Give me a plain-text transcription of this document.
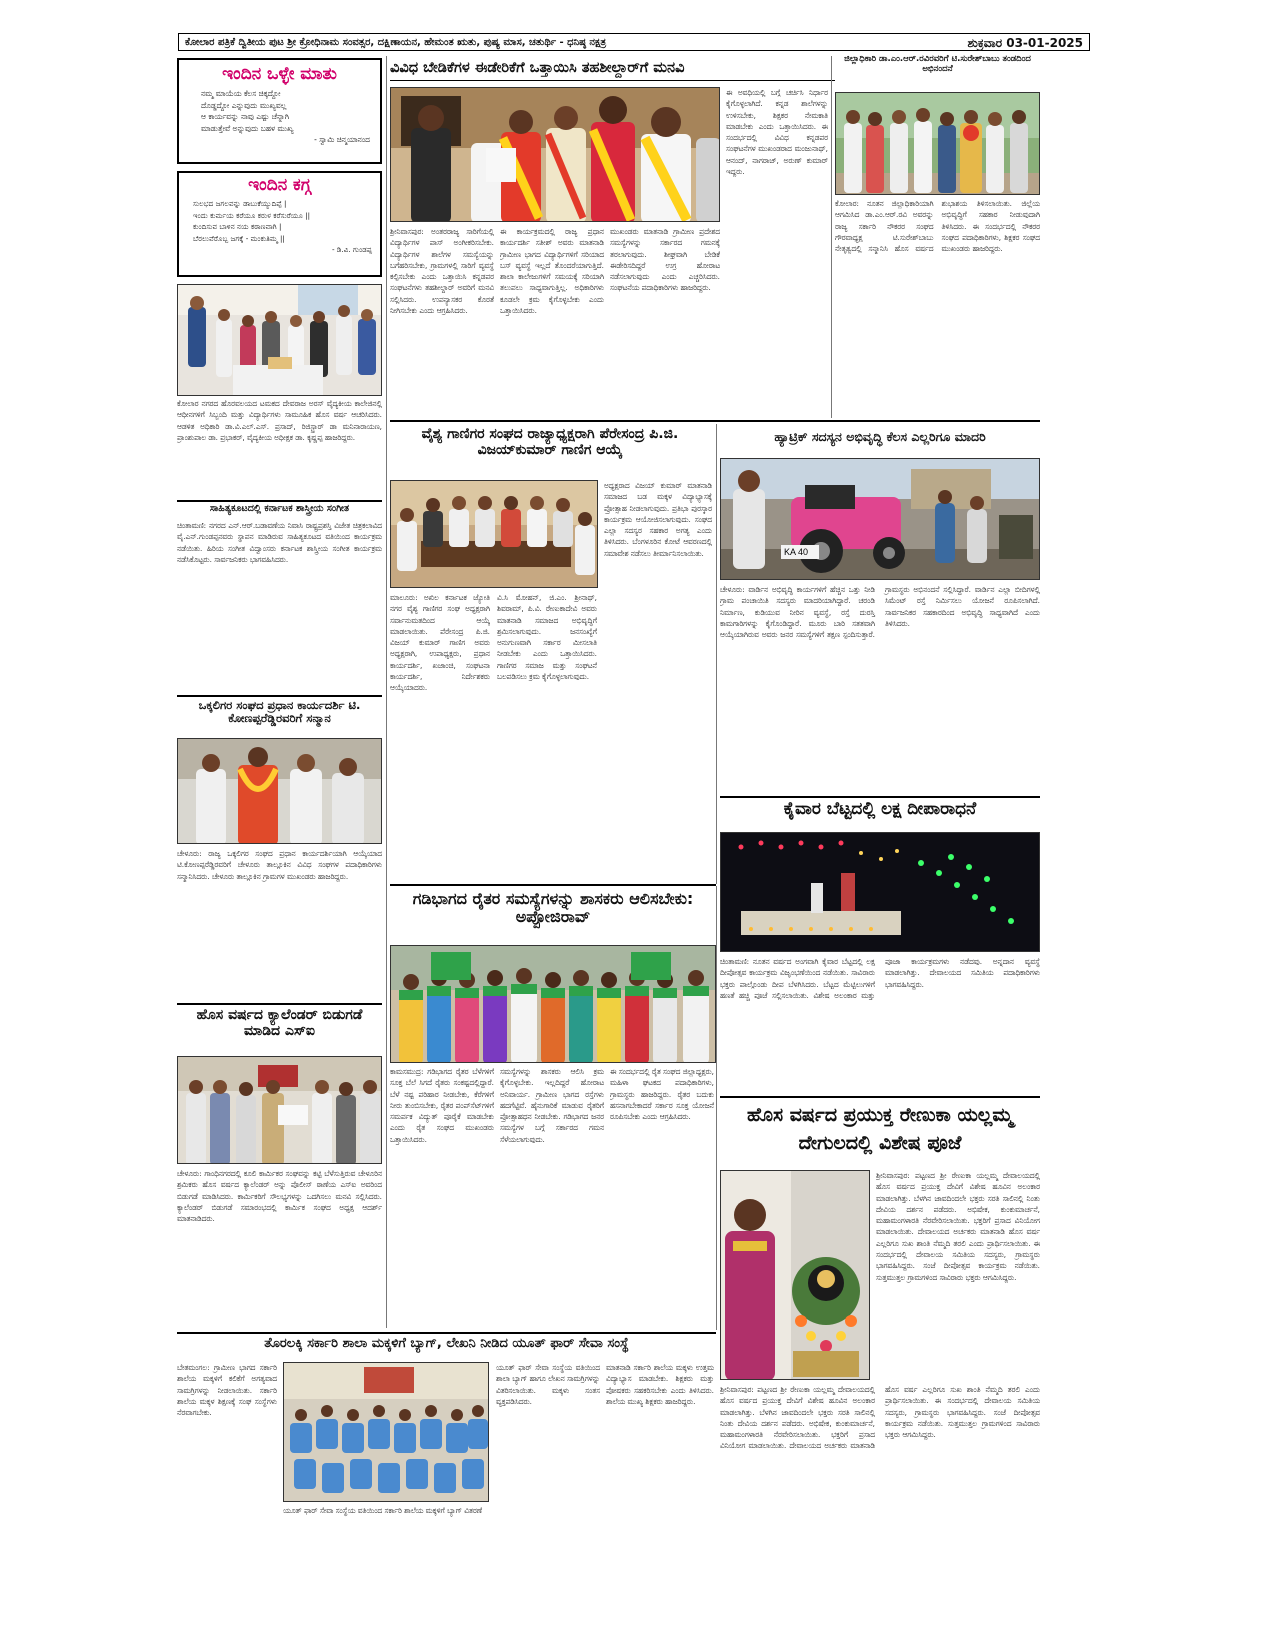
ಕೋಲಾರ ಪತ್ರಿಕೆ ದ್ವಿತೀಯ ಪುಟ ಶ್ರೀ ಕ್ರೋಧಿನಾಮ ಸಂವತ್ಸರ, ದಕ್ಷಿಣಾಯನ, ಹೇಮಂತ ಋತು, ಪುಷ್ಯ ಮಾಸ, ಚತುರ್ಥಿ - ಧನಿಷ್ಠ ನಕ್ಷತ್ರ	ಶುಕ್ರವಾರ 03-01-2025
ಇಂದಿನ ಒಳ್ಳೇ ಮಾತು
ನಮ್ಮ ಮಾಯೆಯ ಕೆಲಸ ಚಿಕ್ಕದ್ದೋ
ದೊಡ್ಡದ್ದೋ ಎನ್ನುವುದು ಮುಖ್ಯವಲ್ಲ
ಆ ಕಾರ್ಯವನ್ನು ನಾವು ಎಷ್ಟು ಚೆನ್ನಾಗಿ
ಮಾಡುತ್ತೇವೆ ಅನ್ನುವುದು ಬಹಳ ಮುಖ್ಯ
- ಸ್ವಾಮಿ ಚಿನ್ಮಯಾನಂದ
ಇಂದಿನ ಕಗ್ಗ
ಸುಲಭದ ಜಗಲವನ್ನು ಡಾಬುಕೆಯ್ಯುದಿಪ್ಪೆ |
ಇಂದು ಕುರ್ಮಯ ಕರೆಯೂ ಕರುಳ ಕರೆಸುರೆಯೂ ||
ಕುಂದಿಸುವ ಬಾಳಿನ ನಯ ಕಠಾಣವಾಗಿ |
ಬೆರಲುವೆರೊಬ್ಬ ಜಗಕ್ಕೆ - ಮಂಕುತಿಮ್ಮ ||
- ಡಿ.ವಿ. ಗುಂಡಪ್ಪ
ಕೋಲಾರ ನಗರದ ಹೊರವಲಯದ ಟಮಕದ ದೇವರಾಜ ಅರಸ್ ವೈದ್ಯಕೀಯ ಕಾಲೇಜಿನಲ್ಲಿ ಆಧೀನಗಳಿಗೆ ಸಿಬ್ಬಂದಿ ಮತ್ತು ವಿದ್ಯಾರ್ಥಿಗಳು ಸಾಮೂಹಿಕ ಹೊಸ ವರ್ಷ ಆಚರಿಸಿದರು. ಆಡಳಿತ ಅಧಿಕಾರಿ ಡಾ.ವಿ.ಎಲ್.ಎಸ್. ಪ್ರಸಾದ್, ರಿಜಿಸ್ಟ್ರಾರ್ ಡಾ ಮನಿನಾರಾಯಣ, ಪ್ರಾಂಶುಪಾಲ ಡಾ. ಪ್ರಭಾಕರ್, ವೈದ್ಯಕೀಯ ಅಧೀಕ್ಷಕ ಡಾ. ಕೃಷ್ಣಪ್ಪ ಹಾಜರಿದ್ದರು.
ಸಾಹಿತ್ಯಕೂಟದಲ್ಲಿ ಕರ್ನಾಟಕ ಶಾಸ್ತ್ರೀಯ ಸಂಗೀತ
ಚಿಂತಾಮಣಿ: ನಗರದ ಎನ್.ಆರ್.ಬಡಾವಣೆಯ ನಿವಾಸಿ ರಾಷ್ಟ್ರಪ್ರಶಸ್ತಿ ವಿಜೇತ ಚಿತ್ರಕಲಾವಿದ ವೈ.ಎನ್.ಗುಂಡಪ್ಪನವರು ಸ್ಥಾಪನ ಮಾಡಿರುವ ಸಾಹಿತ್ಯಕೂಟದ ವತಿಯಿಂದ ಕಾರ್ಯಕ್ರಮ ನಡೆಯಿತು. ಹಿರಿಯ ಸಂಗೀತ ವಿದ್ವಾಂಸರು ಕರ್ನಾಟಕ ಶಾಸ್ತ್ರೀಯ ಸಂಗೀತ ಕಾರ್ಯಕ್ರಮ ನಡೆಸಿಕೊಟ್ಟರು. ಸಾರ್ವಜನಿಕರು ಭಾಗವಹಿಸಿದರು.
ಒಕ್ಕಲಿಗರ ಸಂಘದ ಪ್ರಧಾನ ಕಾರ್ಯದರ್ಶಿ ಟಿ. ಕೋಣಪ್ಪರೆಡ್ಡಿರವರಿಗೆ ಸನ್ಮಾನ
ಚೇಳೂರು: ರಾಜ್ಯ ಒಕ್ಕಲಿಗರ ಸಂಘದ ಪ್ರಧಾನ ಕಾರ್ಯದರ್ಶಿಯಾಗಿ ಆಯ್ಕೆಯಾದ ಟಿ.ಕೋಣಪ್ಪರೆಡ್ಡಿರವರಿಗೆ ಚೇಳೂರು ತಾಲ್ಲೂಕಿನ ವಿವಿಧ ಸಂಘಗಳ ಪದಾಧಿಕಾರಿಗಳು ಸನ್ಮಾನಿಸಿದರು. ಚೇಳೂರು ತಾಲ್ಲೂಕಿನ ಗ್ರಾಮಗಳ ಮುಖಂಡರು ಹಾಜರಿದ್ದರು.
ಹೊಸ ವರ್ಷದ ಕ್ಯಾಲೆಂಡರ್ ಬಿಡುಗಡೆ ಮಾಡಿದ ಎಸ್‌ಐ
ಚೇಳೂರು: ಗಾಂಧಿನಗರದಲ್ಲಿ ಕೂಲಿ ಕಾರ್ಮಿಕರ ಸಂಘವನ್ನು ಕಟ್ಟಿ ಬೆಳೆಸುತ್ತಿರುವ ಚೇಳೂರಿನ ಶ್ರಮಿಕರು ಹೊಸ ವರ್ಷದ ಕ್ಯಾಲೆಂಡರ್ ಅನ್ನು ಪೊಲೀಸ್ ಠಾಣೆಯ ಎಸ್‌ಐ ಅವರಿಂದ ಬಿಡುಗಡೆ ಮಾಡಿಸಿದರು. ಕಾರ್ಮಿಕರಿಗೆ ಸೌಲಭ್ಯಗಳನ್ನು ಒದಗಿಸಲು ಮನವಿ ಸಲ್ಲಿಸಿದರು. ಕ್ಯಾಲೆಂಡರ್ ಬಿಡುಗಡೆ ಸಮಾರಂಭದಲ್ಲಿ ಕಾರ್ಮಿಕ ಸಂಘದ ಅಧ್ಯಕ್ಷ ಆದರ್ಶ್ ಮಾತನಾಡಿದರು.
ವಿವಿಧ ಬೇಡಿಕೆಗಳ ಈಡೇರಿಕೆಗೆ ಒತ್ತಾಯಿಸಿ ತಹಶೀಲ್ದಾರ್‌ಗೆ ಮನವಿ
ಶ್ರೀನಿವಾಸಪುರ: ಅಂತರರಾಜ್ಯ ಸಾರಿಗೆಯಲ್ಲಿ ವಿದ್ಯಾರ್ಥಿಗಳ ಪಾಸ್ ಅಂಗೀಕರಿಸಬೇಕು. ವಿದ್ಯಾರ್ಥಿಗಳ ಶಾಲೆಗಳ ಸಮಸ್ಯೆಯನ್ನು ಬಗೆಹರಿಸಬೇಕು, ಗ್ರಾಮಗಳಲ್ಲಿ ಸಾರಿಗೆ ವ್ಯವಸ್ಥೆ ಕಲ್ಪಿಸಬೇಕು ಎಂದು ಒತ್ತಾಯಿಸಿ ಕನ್ನಡಪರ ಸಂಘಟನೆಗಳು ತಹಶೀಲ್ದಾರ್ ಅವರಿಗೆ ಮನವಿ ಸಲ್ಲಿಸಿದರು. ಉಪನ್ಯಾಸಕರ ಕೊರತೆ ನೀಗಿಸಬೇಕು ಎಂದು ಆಗ್ರಹಿಸಿದರು.
ಈ ಕಾರ್ಯಕ್ರಮದಲ್ಲಿ ರಾಜ್ಯ ಪ್ರಧಾನ ಕಾರ್ಯದರ್ಶಿ ಸತೀಶ್ ಅವರು ಮಾತನಾಡಿ ಗ್ರಾಮೀಣ ಭಾಗದ ವಿದ್ಯಾರ್ಥಿಗಳಿಗೆ ಸರಿಯಾದ ಬಸ್ ವ್ಯವಸ್ಥೆ ಇಲ್ಲದೆ ತೊಂದರೆಯಾಗುತ್ತಿದೆ. ಶಾಲಾ ಕಾಲೇಜುಗಳಿಗೆ ಸಮಯಕ್ಕೆ ಸರಿಯಾಗಿ ತಲುಪಲು ಸಾಧ್ಯವಾಗುತ್ತಿಲ್ಲ. ಅಧಿಕಾರಿಗಳು ಕೂಡಲೇ ಕ್ರಮ ಕೈಗೊಳ್ಳಬೇಕು ಎಂದು ಒತ್ತಾಯಿಸಿದರು.
ಮುಖಂಡರು ಮಾತನಾಡಿ ಗ್ರಾಮೀಣ ಪ್ರದೇಶದ ಸಮಸ್ಯೆಗಳನ್ನು ಸರ್ಕಾರದ ಗಮನಕ್ಕೆ ತರಲಾಗುವುದು. ಶೀಘ್ರವಾಗಿ ಬೇಡಿಕೆ ಈಡೇರಿಸದಿದ್ದರೆ ಉಗ್ರ ಹೋರಾಟ ನಡೆಸಲಾಗುವುದು ಎಂದು ಎಚ್ಚರಿಸಿದರು. ಸಂಘಟನೆಯ ಪದಾಧಿಕಾರಿಗಳು ಹಾಜರಿದ್ದರು.
ಈ ಅವಧಿಯಲ್ಲಿ ಬಗ್ಗೆ ಚರ್ಚಿಸಿ ನಿರ್ಧಾರ ಕೈಗೊಳ್ಳಲಾಗಿದೆ. ಕನ್ನಡ ಶಾಲೆಗಳನ್ನು ಉಳಿಸಬೇಕು, ಶಿಕ್ಷಕರ ನೇಮಕಾತಿ ಮಾಡಬೇಕು ಎಂದು ಒತ್ತಾಯಿಸಿದರು. ಈ ಸಂದರ್ಭದಲ್ಲಿ ವಿವಿಧ ಕನ್ನಡಪರ ಸಂಘಟನೆಗಳ ಮುಖಂಡರಾದ ಮಂಜುನಾಥ್, ಆನಂದ್, ನಾಗರಾಜ್, ಅರುಣ್ ಕುಮಾರ್ ಇದ್ದರು.
ಜಿಲ್ಲಾಧಿಕಾರಿ ಡಾ.ಎಂ.ಆರ್.ರವಿರವರಿಗೆ ಟಿ.ಸುರೇಶ್‌ಬಾಬು ತಂಡದಿಂದ ಅಭಿನಂದನೆ
ಕೋಲಾರ: ನೂತನ ಜಿಲ್ಲಾಧಿಕಾರಿಯಾಗಿ ಆಗಮಿಸಿದ ಡಾ.ಎಂ.ಆರ್.ರವಿ ಅವರನ್ನು ರಾಜ್ಯ ಸರ್ಕಾರಿ ನೌಕರರ ಸಂಘದ ಗೌರವಾಧ್ಯಕ್ಷ ಟಿ.ಸುರೇಶ್‌ಬಾಬು ನೇತೃತ್ವದಲ್ಲಿ ಸನ್ಮಾನಿಸಿ ಹೊಸ ವರ್ಷದ ಶುಭಾಶಯ ತಿಳಿಸಲಾಯಿತು. ಜಿಲ್ಲೆಯ ಅಭಿವೃದ್ಧಿಗೆ ಸಹಕಾರ ನೀಡುವುದಾಗಿ ತಿಳಿಸಿದರು. ಈ ಸಂದರ್ಭದಲ್ಲಿ ನೌಕರರ ಸಂಘದ ಪದಾಧಿಕಾರಿಗಳು, ಶಿಕ್ಷಕರ ಸಂಘದ ಮುಖಂಡರು ಹಾಜರಿದ್ದರು.
ವೈಶ್ಯ ಗಾಣಿಗರ ಸಂಘದ ರಾಜ್ಯಾಧ್ಯಕ್ಷರಾಗಿ ಪೆರೇಸಂದ್ರ ಪಿ.ಜಿ. ವಿಜಯ್‌ಕುಮಾರ್ ಗಾಣಿಗ ಆಯ್ಕೆ
ಮಾಲೂರು: ಅಖಿಲ ಕರ್ನಾಟಕ ಜ್ಯೋತಿ ನಗರ ವೈಶ್ಯ ಗಾಣಿಗರ ಸಂಘ ಅಧ್ಯಕ್ಷರಾಗಿ ಸರ್ವಾನುಮತದಿಂದ ಆಯ್ಕೆ ಮಾಡಲಾಯಿತು. ಪೆರೇಸಂದ್ರ ಪಿ.ಜಿ. ವಿಜಯ್ ಕುಮಾರ್ ಗಾಣಿಗ ಅವರು ಅಧ್ಯಕ್ಷರಾಗಿ, ಉಪಾಧ್ಯಕ್ಷರು, ಪ್ರಧಾನ ಕಾರ್ಯದರ್ಶಿ, ಖಜಾಂಚಿ, ಸಂಘಟನಾ ಕಾರ್ಯದರ್ಶಿ, ನಿರ್ದೇಶಕರು ಆಯ್ಕೆಯಾದರು.
ವಿ.ಸಿ ಮೋಹನ್, ಜಿ.ಎಂ. ಶ್ರೀನಾಥ್, ಶಿವರಾಮ್, ಪಿ.ವಿ. ರೇಣುಕಾದೇವಿ ಅವರು ಮಾತನಾಡಿ ಸಮಾಜದ ಅಭಿವೃದ್ಧಿಗೆ ಶ್ರಮಿಸಲಾಗುವುದು. ಜನಸಂಖ್ಯೆಗೆ ಅನುಗುಣವಾಗಿ ಸರ್ಕಾರ ಮೀಸಲಾತಿ ನೀಡಬೇಕು ಎಂದು ಒತ್ತಾಯಿಸಿದರು. ಗಾಣಿಗರ ಸಮಾಜ ಮತ್ತು ಸಂಘಟನೆ ಬಲಪಡಿಸಲು ಕ್ರಮ ಕೈಗೊಳ್ಳಲಾಗುವುದು.
ಅಧ್ಯಕ್ಷರಾದ ವಿಜಯ್ ಕುಮಾರ್ ಮಾತನಾಡಿ ಸಮಾಜದ ಬಡ ಮಕ್ಕಳ ವಿದ್ಯಾಭ್ಯಾಸಕ್ಕೆ ಪ್ರೋತ್ಸಾಹ ನೀಡಲಾಗುವುದು. ಪ್ರತಿಭಾ ಪುರಸ್ಕಾರ ಕಾರ್ಯಕ್ರಮ ಆಯೋಜಿಸಲಾಗುವುದು. ಸಂಘದ ಎಲ್ಲಾ ಸದಸ್ಯರ ಸಹಕಾರ ಅಗತ್ಯ ಎಂದು ತಿಳಿಸಿದರು. ಬೆಂಗಳೂರಿನ ಕೋಟೆ ಆವರಣದಲ್ಲಿ ಸಮಾವೇಶ ನಡೆಸಲು ತೀರ್ಮಾನಿಸಲಾಯಿತು.
ಹ್ಯಾಟ್ರಿಕ್ ಸದಸ್ಯನ ಅಭಿವೃದ್ಧಿ ಕೆಲಸ ಎಲ್ಲರಿಗೂ ಮಾದರಿ
KA 40
ಚೇಳೂರು: ವಾರ್ಡಿನ ಅಭಿವೃದ್ಧಿ ಕಾರ್ಯಗಳಿಗೆ ಹೆಚ್ಚಿನ ಒತ್ತು ನೀಡಿ ಗ್ರಾಮ ಪಂಚಾಯಿತಿ ಸದಸ್ಯರು ಮಾದರಿಯಾಗಿದ್ದಾರೆ. ಚರಂಡಿ ನಿರ್ಮಾಣ, ಕುಡಿಯುವ ನೀರಿನ ವ್ಯವಸ್ಥೆ, ರಸ್ತೆ ದುರಸ್ತಿ ಕಾಮಗಾರಿಗಳನ್ನು ಕೈಗೊಂಡಿದ್ದಾರೆ. ಮೂರು ಬಾರಿ ಸತತವಾಗಿ ಆಯ್ಕೆಯಾಗಿರುವ ಅವರು ಜನರ ಸಮಸ್ಯೆಗಳಿಗೆ ತಕ್ಷಣ ಸ್ಪಂದಿಸುತ್ತಾರೆ. ಗ್ರಾಮಸ್ಥರು ಅಭಿನಂದನೆ ಸಲ್ಲಿಸಿದ್ದಾರೆ. ವಾರ್ಡಿನ ಎಲ್ಲಾ ಬೀದಿಗಳಲ್ಲಿ ಸಿಮೆಂಟ್ ರಸ್ತೆ ನಿರ್ಮಿಸಲು ಯೋಜನೆ ರೂಪಿಸಲಾಗಿದೆ. ಸಾರ್ವಜನಿಕರ ಸಹಕಾರದಿಂದ ಅಭಿವೃದ್ಧಿ ಸಾಧ್ಯವಾಗಿದೆ ಎಂದು ತಿಳಿಸಿದರು.
ಕೈವಾರ ಬೆಟ್ಟದಲ್ಲಿ ಲಕ್ಷ ದೀಪಾರಾಧನೆ
ಚಿಂತಾಮಣಿ: ನೂತನ ವರ್ಷದ ಅಂಗವಾಗಿ ಕೈವಾರ ಬೆಟ್ಟದಲ್ಲಿ ಲಕ್ಷ ದೀಪೋತ್ಸವ ಕಾರ್ಯಕ್ರಮ ವಿಜೃಂಭಣೆಯಿಂದ ನಡೆಯಿತು. ಸಾವಿರಾರು ಭಕ್ತರು ಪಾಲ್ಗೊಂಡು ದೀಪ ಬೆಳಗಿಸಿದರು. ಬೆಟ್ಟದ ಮೆಟ್ಟಿಲುಗಳಿಗೆ ಹಣತೆ ಹಚ್ಚಿ ಪೂಜೆ ಸಲ್ಲಿಸಲಾಯಿತು. ವಿಶೇಷ ಅಲಂಕಾರ ಮತ್ತು ಪೂಜಾ ಕಾರ್ಯಕ್ರಮಗಳು ನಡೆದವು. ಅನ್ನದಾನ ವ್ಯವಸ್ಥೆ ಮಾಡಲಾಗಿತ್ತು. ದೇವಾಲಯದ ಸಮಿತಿಯ ಪದಾಧಿಕಾರಿಗಳು ಭಾಗವಹಿಸಿದ್ದರು.
ಗಡಿಭಾಗದ ರೈತರ ಸಮಸ್ಯೆಗಳನ್ನು ಶಾಸಕರು ಆಲಿಸಬೇಕು: ಅಪ್ಪೋಜಿರಾವ್
ಕಾಮಸಮುದ್ರ: ಗಡಿಭಾಗದ ರೈತರ ಬೆಳೆಗಳಿಗೆ ಸೂಕ್ತ ಬೆಲೆ ಸಿಗದೆ ರೈತರು ಸಂಕಷ್ಟದಲ್ಲಿದ್ದಾರೆ. ಬೆಳೆ ನಷ್ಟ ಪರಿಹಾರ ನೀಡಬೇಕು, ಕೆರೆಗಳಿಗೆ ನೀರು ತುಂಬಿಸಬೇಕು, ರೈತರ ಪಂಪ್‌ಸೆಟ್‌ಗಳಿಗೆ ಸಮರ್ಪಕ ವಿದ್ಯುತ್ ಪೂರೈಕೆ ಮಾಡಬೇಕು ಎಂದು ರೈತ ಸಂಘದ ಮುಖಂಡರು ಒತ್ತಾಯಿಸಿದರು.
ಸಮಸ್ಯೆಗಳನ್ನು ಶಾಸಕರು ಆಲಿಸಿ ಕ್ರಮ ಕೈಗೊಳ್ಳಬೇಕು. ಇಲ್ಲದಿದ್ದರೆ ಹೋರಾಟ ಅನಿವಾರ್ಯ. ಗ್ರಾಮೀಣ ಭಾಗದ ರಸ್ತೆಗಳು ಹದಗೆಟ್ಟಿವೆ. ಹೈನುಗಾರಿಕೆ ಮಾಡುವ ರೈತರಿಗೆ ಪ್ರೋತ್ಸಾಹಧನ ನೀಡಬೇಕು. ಗಡಿಭಾಗದ ಜನರ ಸಮಸ್ಯೆಗಳ ಬಗ್ಗೆ ಸರ್ಕಾರದ ಗಮನ ಸೆಳೆಯಲಾಗುವುದು.
ಈ ಸಂದರ್ಭದಲ್ಲಿ ರೈತ ಸಂಘದ ಜಿಲ್ಲಾಧ್ಯಕ್ಷರು, ಮಹಿಳಾ ಘಟಕದ ಪದಾಧಿಕಾರಿಗಳು, ಗ್ರಾಮಸ್ಥರು ಹಾಜರಿದ್ದರು. ರೈತರ ಬದುಕು ಹಸನಾಗಬೇಕಾದರೆ ಸರ್ಕಾರ ಸೂಕ್ತ ಯೋಜನೆ ರೂಪಿಸಬೇಕು ಎಂದು ಆಗ್ರಹಿಸಿದರು.	ಹೊಸ ವರ್ಷದ ಪ್ರಯುಕ್ತ ರೇಣುಕಾ ಯಲ್ಲಮ್ಮ ದೇಗುಲದಲ್ಲಿ ವಿಶೇಷ ಪೂಜೆ
ಶ್ರೀನಿವಾಸಪುರ: ಪಟ್ಟಣದ ಶ್ರೀ ರೇಣುಕಾ ಯಲ್ಲಮ್ಮ ದೇವಾಲಯದಲ್ಲಿ ಹೊಸ ವರ್ಷದ ಪ್ರಯುಕ್ತ ದೇವಿಗೆ ವಿಶೇಷ ಹೂವಿನ ಅಲಂಕಾರ ಮಾಡಲಾಗಿತ್ತು. ಬೆಳಗಿನ ಜಾವದಿಂದಲೇ ಭಕ್ತರು ಸರತಿ ಸಾಲಿನಲ್ಲಿ ನಿಂತು ದೇವಿಯ ದರ್ಶನ ಪಡೆದರು. ಅಭಿಷೇಕ, ಕುಂಕುಮಾರ್ಚನೆ, ಮಹಾಮಂಗಳಾರತಿ ನೆರವೇರಿಸಲಾಯಿತು. ಭಕ್ತರಿಗೆ ಪ್ರಸಾದ ವಿನಿಯೋಗ ಮಾಡಲಾಯಿತು. ದೇವಾಲಯದ ಅರ್ಚಕರು ಮಾತನಾಡಿ ಹೊಸ ವರ್ಷ ಎಲ್ಲರಿಗೂ ಸುಖ ಶಾಂತಿ ನೆಮ್ಮದಿ ತರಲಿ ಎಂದು ಪ್ರಾರ್ಥಿಸಲಾಯಿತು. ಈ ಸಂದರ್ಭದಲ್ಲಿ ದೇವಾಲಯ ಸಮಿತಿಯ ಸದಸ್ಯರು, ಗ್ರಾಮಸ್ಥರು ಭಾಗವಹಿಸಿದ್ದರು. ಸಂಜೆ ದೀಪೋತ್ಸವ ಕಾರ್ಯಕ್ರಮ ನಡೆಯಿತು. ಸುತ್ತಮುತ್ತಲ ಗ್ರಾಮಗಳಿಂದ ಸಾವಿರಾರು ಭಕ್ತರು ಆಗಮಿಸಿದ್ದರು.
ಶ್ರೀನಿವಾಸಪುರ: ಪಟ್ಟಣದ ಶ್ರೀ ರೇಣುಕಾ ಯಲ್ಲಮ್ಮ ದೇವಾಲಯದಲ್ಲಿ ಹೊಸ ವರ್ಷದ ಪ್ರಯುಕ್ತ ದೇವಿಗೆ ವಿಶೇಷ ಹೂವಿನ ಅಲಂಕಾರ ಮಾಡಲಾಗಿತ್ತು. ಬೆಳಗಿನ ಜಾವದಿಂದಲೇ ಭಕ್ತರು ಸರತಿ ಸಾಲಿನಲ್ಲಿ ನಿಂತು ದೇವಿಯ ದರ್ಶನ ಪಡೆದರು. ಅಭಿಷೇಕ, ಕುಂಕುಮಾರ್ಚನೆ, ಮಹಾಮಂಗಳಾರತಿ ನೆರವೇರಿಸಲಾಯಿತು. ಭಕ್ತರಿಗೆ ಪ್ರಸಾದ ವಿನಿಯೋಗ ಮಾಡಲಾಯಿತು. ದೇವಾಲಯದ ಅರ್ಚಕರು ಮಾತನಾಡಿ ಹೊಸ ವರ್ಷ ಎಲ್ಲರಿಗೂ ಸುಖ ಶಾಂತಿ ನೆಮ್ಮದಿ ತರಲಿ ಎಂದು ಪ್ರಾರ್ಥಿಸಲಾಯಿತು. ಈ ಸಂದರ್ಭದಲ್ಲಿ ದೇವಾಲಯ ಸಮಿತಿಯ ಸದಸ್ಯರು, ಗ್ರಾಮಸ್ಥರು ಭಾಗವಹಿಸಿದ್ದರು. ಸಂಜೆ ದೀಪೋತ್ಸವ ಕಾರ್ಯಕ್ರಮ ನಡೆಯಿತು. ಸುತ್ತಮುತ್ತಲ ಗ್ರಾಮಗಳಿಂದ ಸಾವಿರಾರು ಭಕ್ತರು ಆಗಮಿಸಿದ್ದರು.
ತೊರಲಕ್ಕಿ ಸರ್ಕಾರಿ ಶಾಲಾ ಮಕ್ಕಳಿಗೆ ಬ್ಯಾಗ್, ಲೇಖನಿ ನೀಡಿದ ಯೂತ್ ಫಾರ್ ಸೇವಾ ಸಂಸ್ಥೆ
ಬೇತಮಂಗಲ: ಗ್ರಾಮೀಣ ಭಾಗದ ಸರ್ಕಾರಿ ಶಾಲೆಯ ಮಕ್ಕಳಿಗೆ ಕಲಿಕೆಗೆ ಅಗತ್ಯವಾದ ಸಾಮಗ್ರಿಗಳನ್ನು ನೀಡಲಾಯಿತು. ಸರ್ಕಾರಿ ಶಾಲೆಯ ಮಕ್ಕಳ ಶಿಕ್ಷಣಕ್ಕೆ ಸಂಘ ಸಂಸ್ಥೆಗಳು ನೆರವಾಗಬೇಕು.
ಯೂತ್ ಫಾರ್ ಸೇವಾ ಸಂಸ್ಥೆಯ ವತಿಯಿಂದ ಸರ್ಕಾರಿ ಶಾಲೆಯ ಮಕ್ಕಳಿಗೆ ಬ್ಯಾಗ್ ವಿತರಣೆ
ಯೂತ್ ಫಾರ್ ಸೇವಾ ಸಂಸ್ಥೆಯ ವತಿಯಿಂದ ಶಾಲಾ ಬ್ಯಾಗ್ ಹಾಗೂ ಲೇಖನ ಸಾಮಗ್ರಿಗಳನ್ನು ವಿತರಿಸಲಾಯಿತು. ಮಕ್ಕಳು ಸಂತಸ ವ್ಯಕ್ತಪಡಿಸಿದರು.
ಮಾತನಾಡಿ ಸರ್ಕಾರಿ ಶಾಲೆಯ ಮಕ್ಕಳು ಉತ್ತಮ ವಿದ್ಯಾಭ್ಯಾಸ ಮಾಡಬೇಕು. ಶಿಕ್ಷಕರು ಮತ್ತು ಪೋಷಕರು ಸಹಕರಿಸಬೇಕು ಎಂದು ತಿಳಿಸಿದರು. ಶಾಲೆಯ ಮುಖ್ಯ ಶಿಕ್ಷಕರು ಹಾಜರಿದ್ದರು.
